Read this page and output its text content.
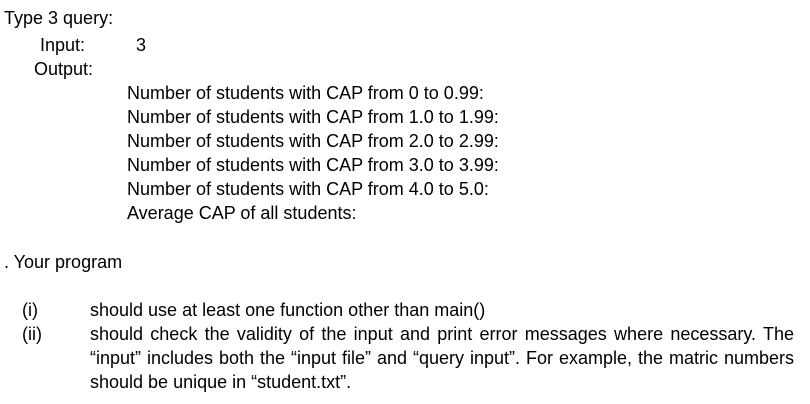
Type 3 query:
Input:	3
Output:
Number of students with CAP from 0 to 0.99:
Number of students with CAP from 1.0 to 1.99:
Number of students with CAP from 2.0 to 2.99:
Number of students with CAP from 3.0 to 3.99:
Number of students with CAP from 4.0 to 5.0:
Average CAP of all students:
. Your program
(i)	should use at least one function other than main()
(ii)	should check the validity of the input and print error messages where necessary. The “input” includes both the “input file” and “query input”. For example, the matric numbers should be unique in “student.txt”.
